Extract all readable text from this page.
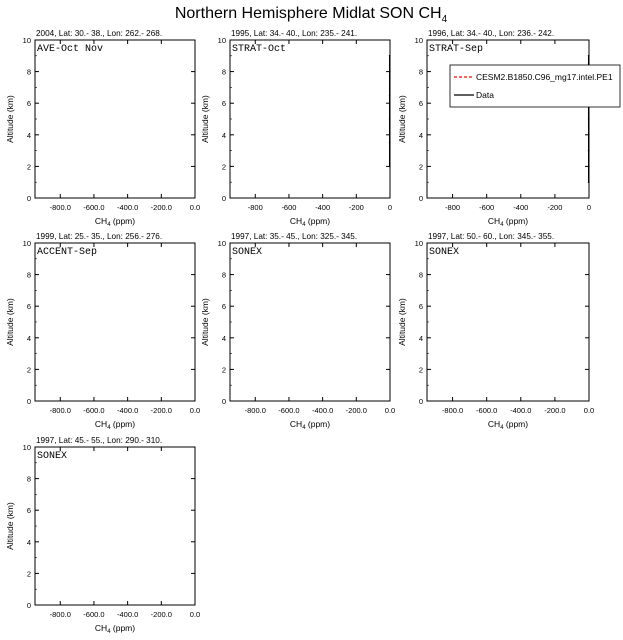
Northern Hemisphere Midlat SON $CH_4$
2004, Lat: 30.- 38., Lon: 262.- 268.
AVE-Oct Nov
0
2
4
6
8
10
-800.0 -600.0 -400.0 -200.0 0.0
$CH_4$ (ppm)
Altitude (km)
1995, Lat: 34.- 40., Lon: 235.- 241.
STRAT-Oct
0
2
4
6
8
10
-800 -600 -400 -200	0
$CH_4$ (ppm)
Altitude (km)
1996, Lat: 34.- 40., Lon: 236.- 242.
STRAT-Sep
0
2
4
6
8
10
-800	-600	-400	-200	0
$CH_4$ (ppm)
Altitude (km)
1999, Lat: 25.- 35., Lon: 256.- 276.
ACCENT-Sep
0
2
4
6
8
10
-800.0 -600.0 -400.0 -200.0 0.0
$CH_4$ (ppm)
Altitude (km)
1997, Lat: 35.- 45., Lon: 325.- 345.
SONEX
0
2
4
6
8
10
-800.0 -600.0 -400.0 -200.0 0.0
$CH_4$ (ppm)
Altitude (km)
1997, Lat: 50.- 60., Lon: 345.- 355.
SONEX
0
2
4
6
8
10
-800.0 -600.0 -400.0 -200.0 0.0
$CH_4$ (ppm)
Altitude (km)
1997, Lat: 45.- 55., Lon: 290.- 310.
SONEX
0
2
4
6
8
10
-800.0 -600.0 -400.0 -200.0 0.0
$CH_4$ (ppm)
Altitude (km)
CESM2.B1850.C96_mg17.intel.PE1
Data
